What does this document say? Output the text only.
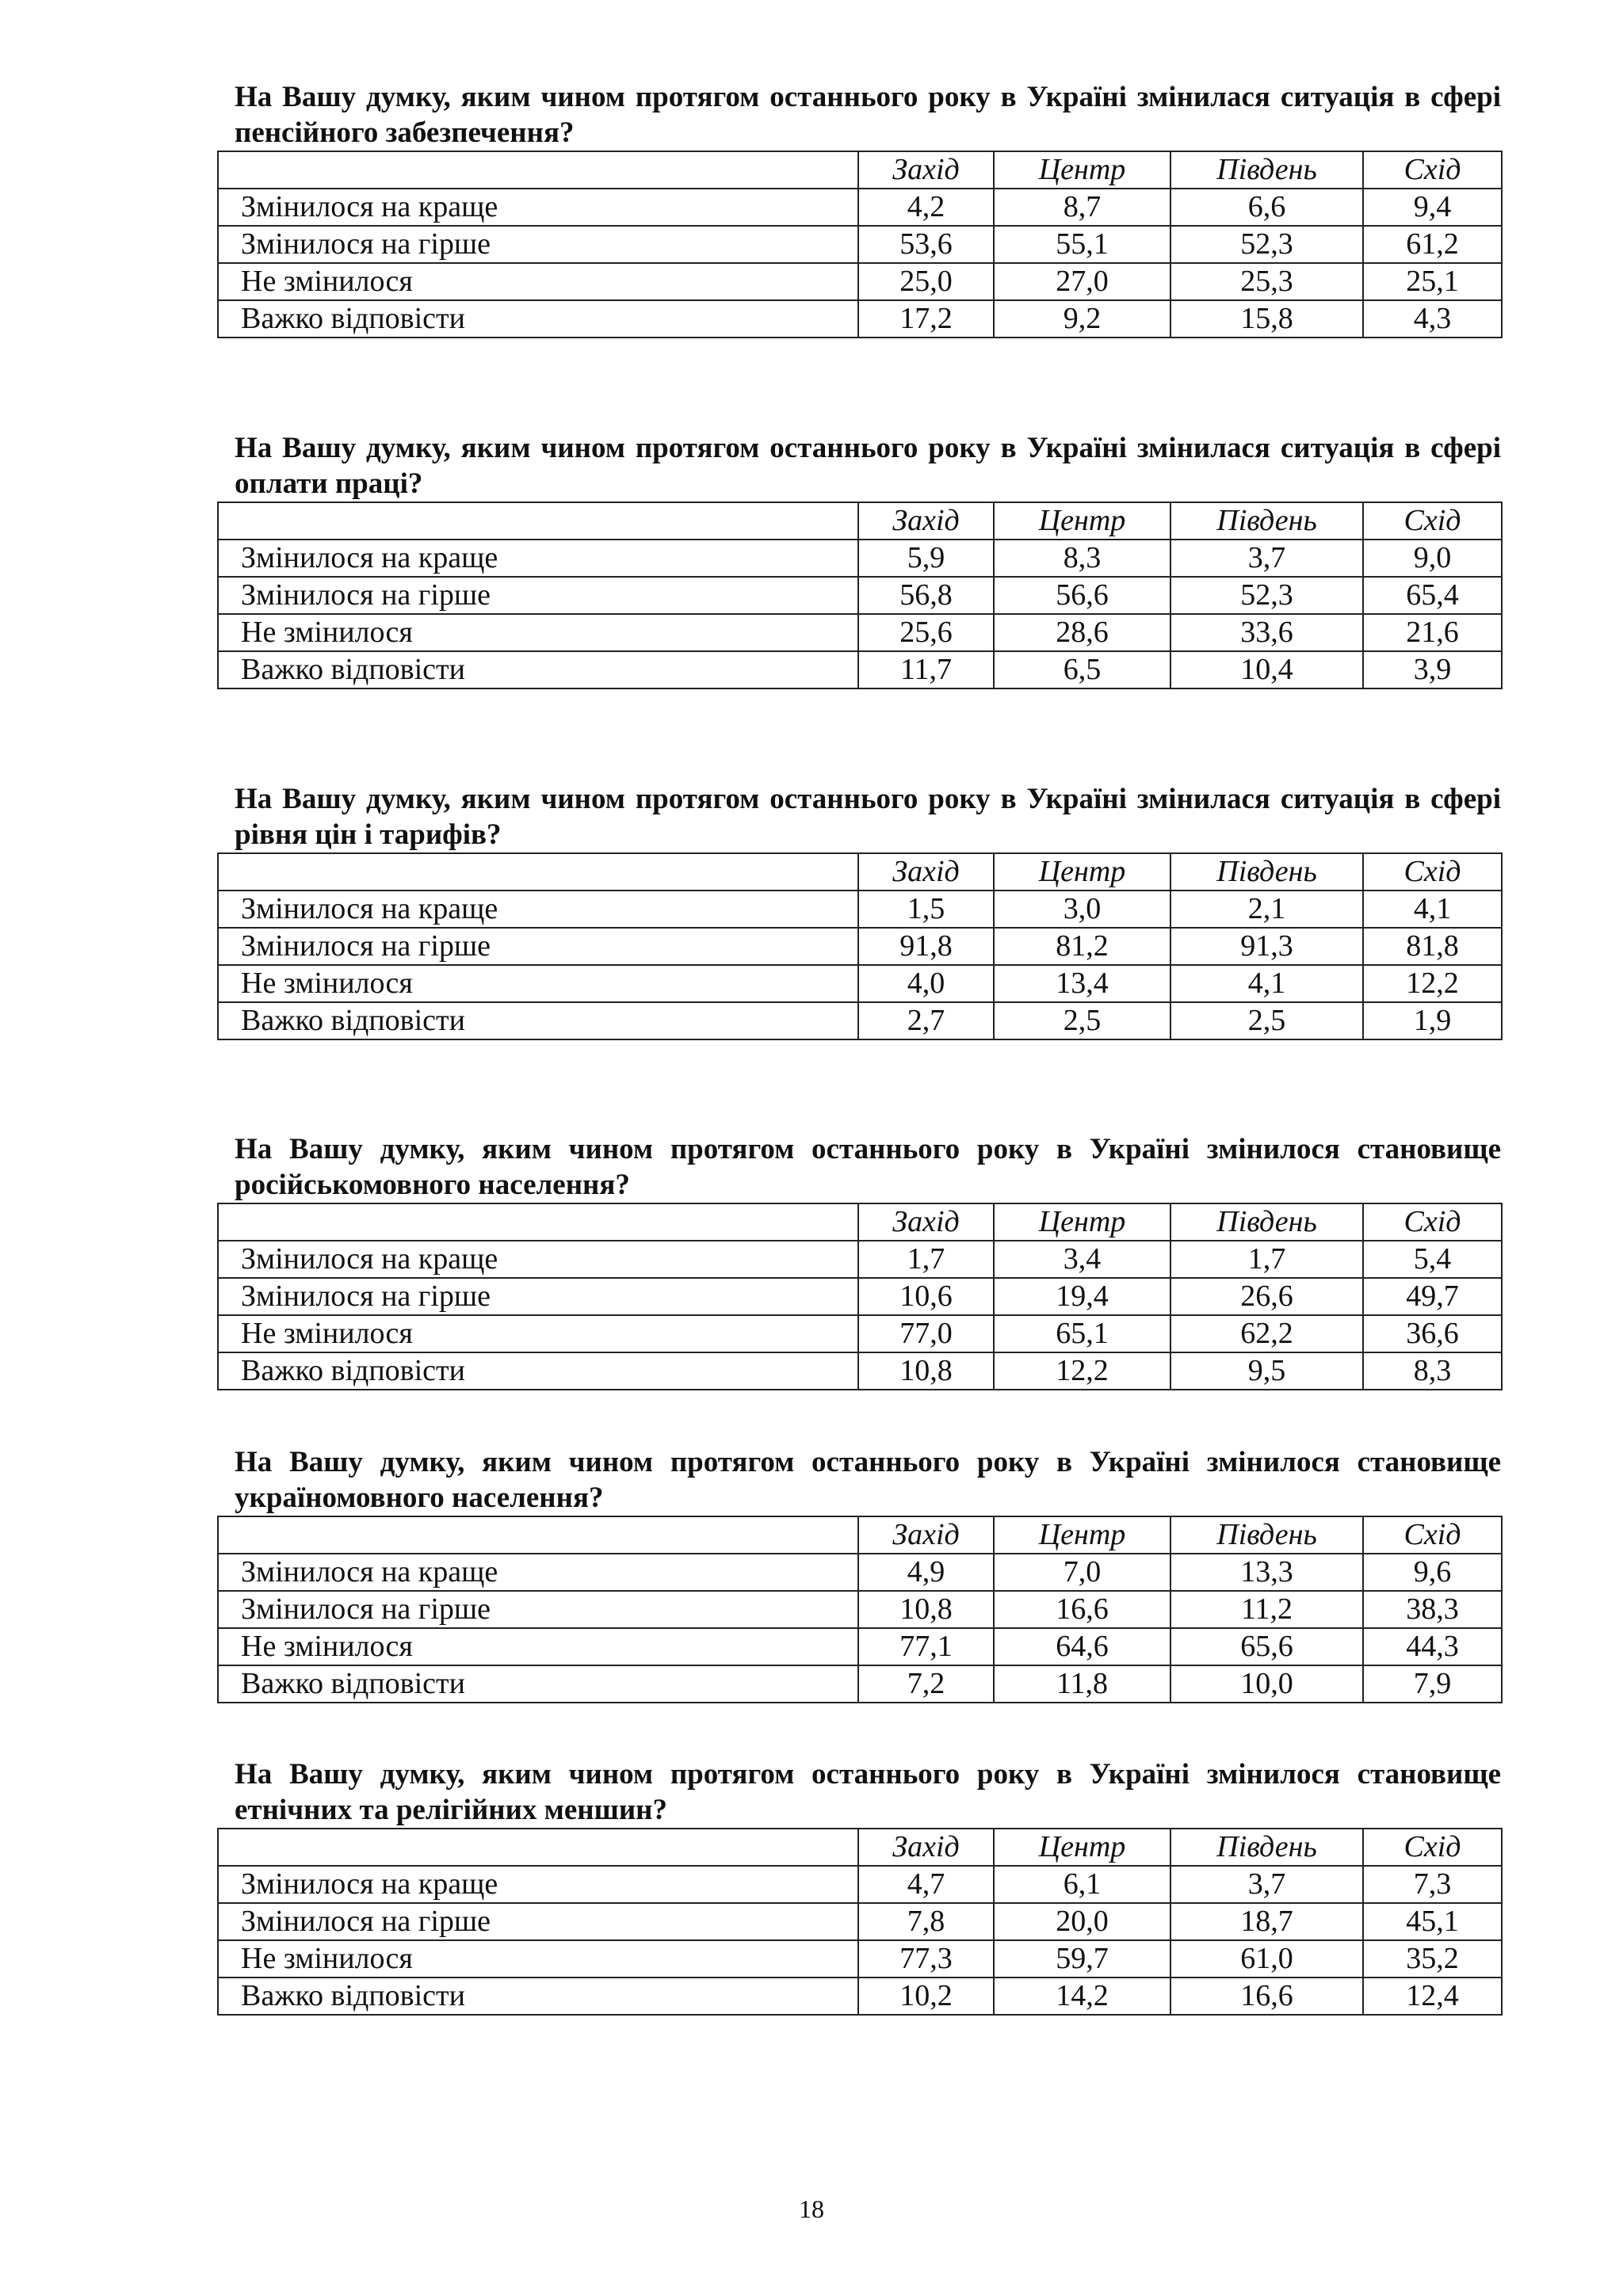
На Вашу думку, яким чином протягом останнього року в Україні змінилася ситуація в сфері пенсійного забезпечення?
	Захід	Центр	Південь	Схід
Змінилося на краще	4,2	8,7	6,6	9,4
Змінилося на гірше	53,6	55,1	52,3	61,2
Не змінилося	25,0	27,0	25,3	25,1
Важко відповісти	17,2	9,2	15,8	4,3
На Вашу думку, яким чином протягом останнього року в Україні змінилася ситуація в сфері оплати праці?
	Захід	Центр	Південь	Схід
Змінилося на краще	5,9	8,3	3,7	9,0
Змінилося на гірше	56,8	56,6	52,3	65,4
Не змінилося	25,6	28,6	33,6	21,6
Важко відповісти	11,7	6,5	10,4	3,9
На Вашу думку, яким чином протягом останнього року в Україні змінилася ситуація в сфері рівня цін і тарифів?
	Захід	Центр	Південь	Схід
Змінилося на краще	1,5	3,0	2,1	4,1
Змінилося на гірше	91,8	81,2	91,3	81,8
Не змінилося	4,0	13,4	4,1	12,2
Важко відповісти	2,7	2,5	2,5	1,9
На Вашу думку, яким чином протягом останнього року в Україні змінилося становище російськомовного населення?
	Захід	Центр	Південь	Схід
Змінилося на краще	1,7	3,4	1,7	5,4
Змінилося на гірше	10,6	19,4	26,6	49,7
Не змінилося	77,0	65,1	62,2	36,6
Важко відповісти	10,8	12,2	9,5	8,3
На Вашу думку, яким чином протягом останнього року в Україні змінилося становище україномовного населення?
	Захід	Центр	Південь	Схід
Змінилося на краще	4,9	7,0	13,3	9,6
Змінилося на гірше	10,8	16,6	11,2	38,3
Не змінилося	77,1	64,6	65,6	44,3
Важко відповісти	7,2	11,8	10,0	7,9
На Вашу думку, яким чином протягом останнього року в Україні змінилося становище етнічних та релігійних меншин?
	Захід	Центр	Південь	Схід
Змінилося на краще	4,7	6,1	3,7	7,3
Змінилося на гірше	7,8	20,0	18,7	45,1
Не змінилося	77,3	59,7	61,0	35,2
Важко відповісти	10,2	14,2	16,6	12,4
18
